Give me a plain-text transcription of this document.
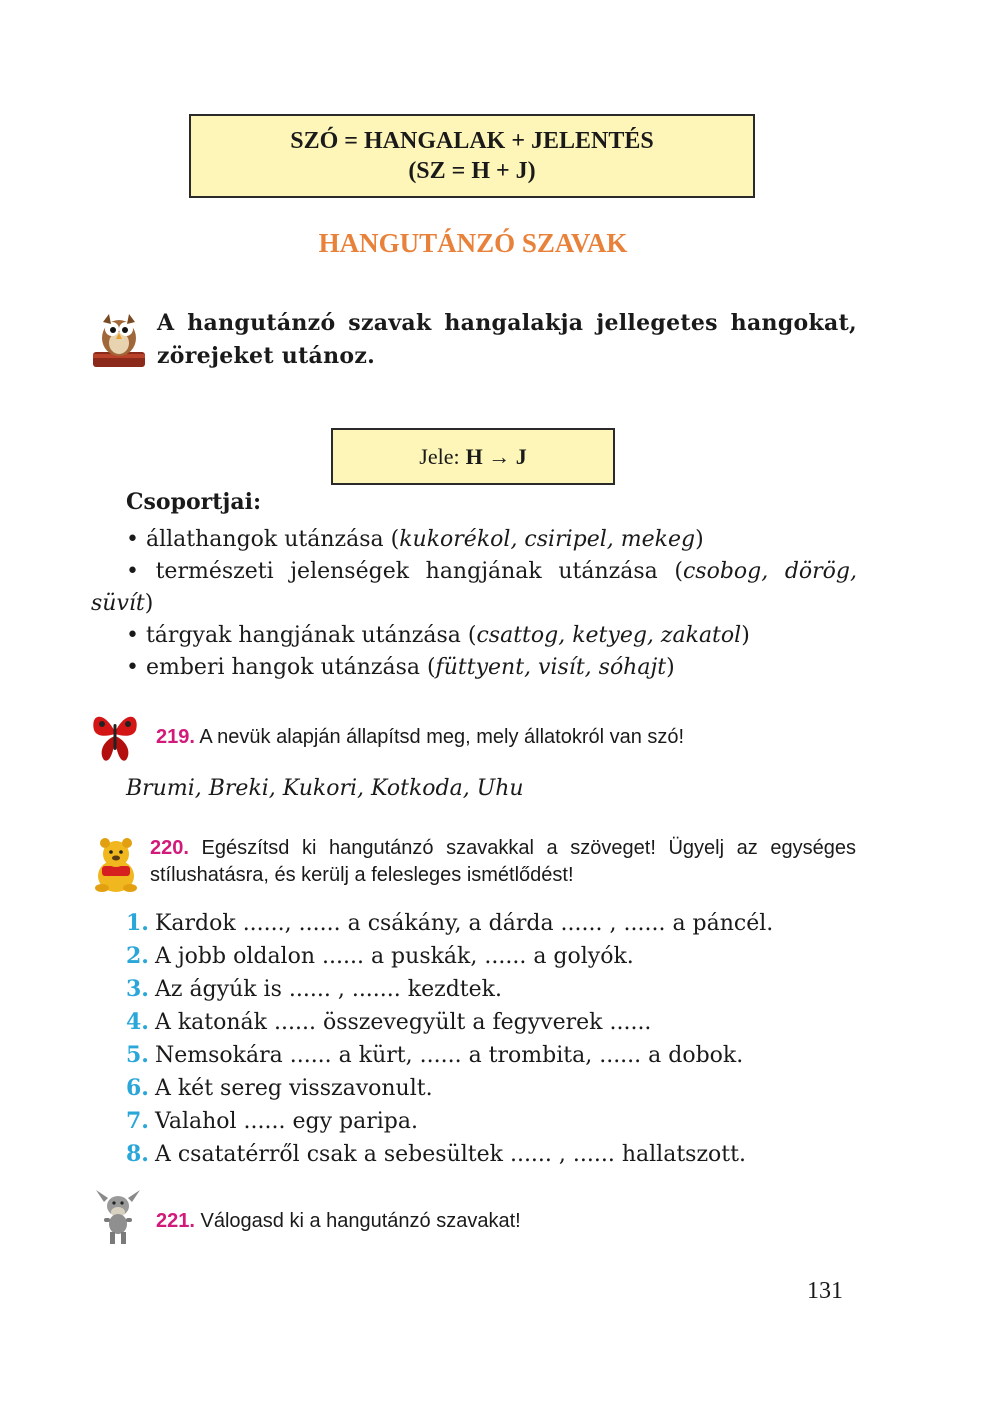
SZÓ = HANGALAK + JELENTÉS
(SZ = H + J)
HANGUTÁNZÓ SZAVAK
A hangutánzó szavak hangalakja jellegetes hangokat, zörejeket utánoz.
Jele: H → J
Csoportjai:
• állathangok utánzása (kukorékol, csiripel, mekeg)
• természeti jelenségek hangjának utánzása (csobog, dörög, süvít)
• tárgyak hangjának utánzása (csattog, ketyeg, zakatol)
• emberi hangok utánzása (füttyent, visít, sóhajt)
219. A nevük alapján állapítsd meg, mely állatokról van szó!
Brumi, Breki, Kukori, Kotkoda, Uhu
220. Egészítsd ki hangutánzó szavakkal a szöveget! Ügyelj az egységes stílushatásra, és kerülj a felesleges ismétlődést!
1. Kardok ......, ...... a csákány, a dárda ...... , ...... a páncél.
2. A jobb oldalon ...... a puskák, ...... a golyók.
3. Az ágyúk is ...... , ....... kezdtek.
4. A katonák ...... összevegyült a fegyverek ......
5. Nemsokára ...... a kürt, ...... a trombita, ...... a dobok.
6. A két sereg visszavonult.
7. Valahol ...... egy paripa.
8. A csatatérről csak a sebesültek ...... , ...... hallatszott.
221. Válogasd ki a hangutánzó szavakat!
131
